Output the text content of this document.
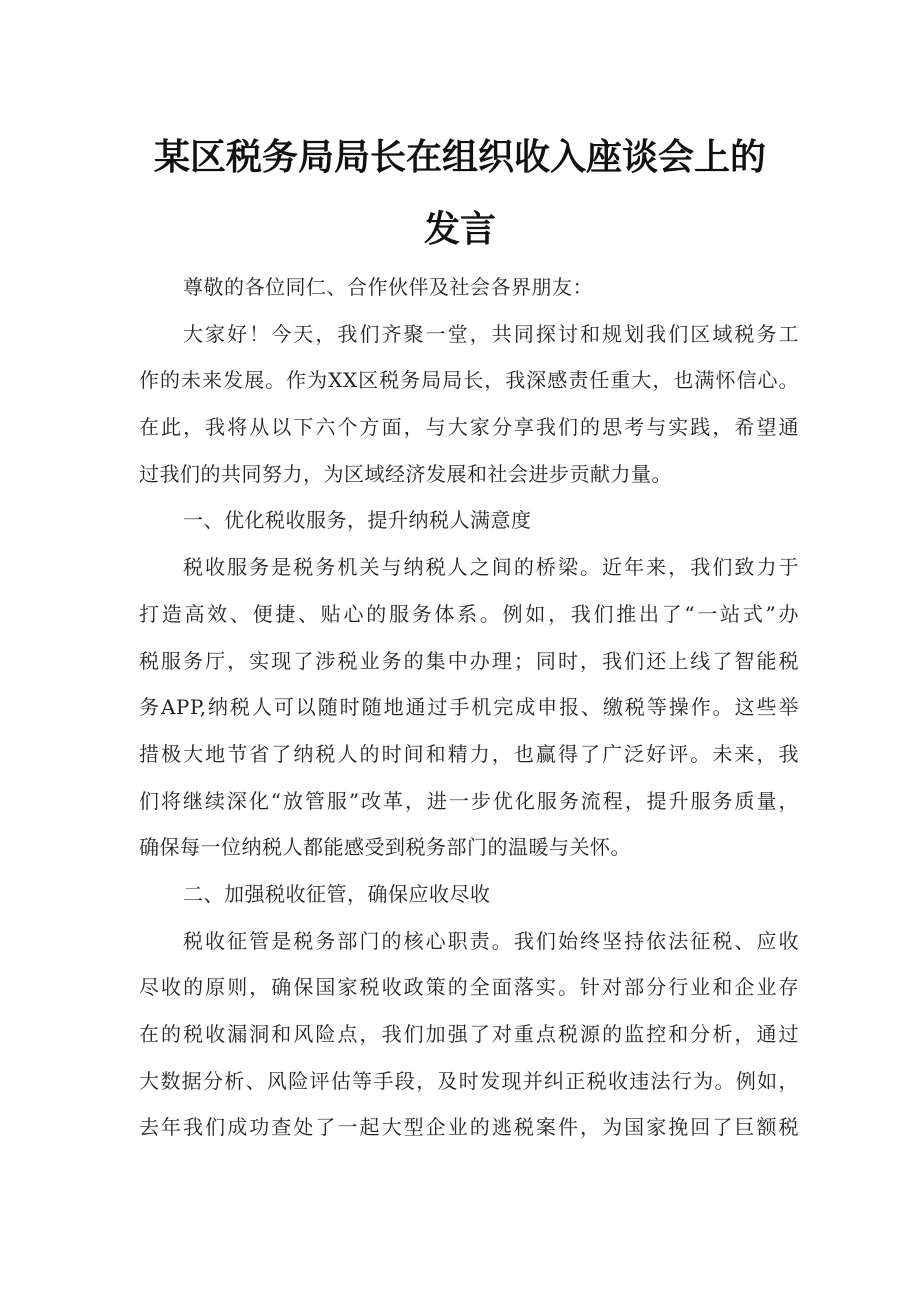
某区税务局局长在组织收入座谈会上的
发言
尊敬的各位同仁、合作伙伴及社会各界朋友：
大家好！今天，我们齐聚一堂，共同探讨和规划我们区域税务工
作的未来发展。作为XX区税务局局长，我深感责任重大，也满怀信心。
在此，我将从以下六个方面，与大家分享我们的思考与实践，希望通
过我们的共同努力，为区域经济发展和社会进步贡献力量。
一、优化税收服务，提升纳税人满意度
税收服务是税务机关与纳税人之间的桥梁。近年来，我们致力于
打造高效、便捷、贴心的服务体系。例如，我们推出了“一站式”办
税服务厅，实现了涉税业务的集中办理；同时，我们还上线了智能税
务APP,纳税人可以随时随地通过手机完成申报、缴税等操作。这些举
措极大地节省了纳税人的时间和精力，也赢得了广泛好评。未来，我
们将继续深化“放管服”改革，进一步优化服务流程，提升服务质量，
确保每一位纳税人都能感受到税务部门的温暖与关怀。
二、加强税收征管，确保应收尽收
税收征管是税务部门的核心职责。我们始终坚持依法征税、应收
尽收的原则，确保国家税收政策的全面落实。针对部分行业和企业存
在的税收漏洞和风险点，我们加强了对重点税源的监控和分析，通过
大数据分析、风险评估等手段，及时发现并纠正税收违法行为。例如，
去年我们成功查处了一起大型企业的逃税案件，为国家挽回了巨额税
